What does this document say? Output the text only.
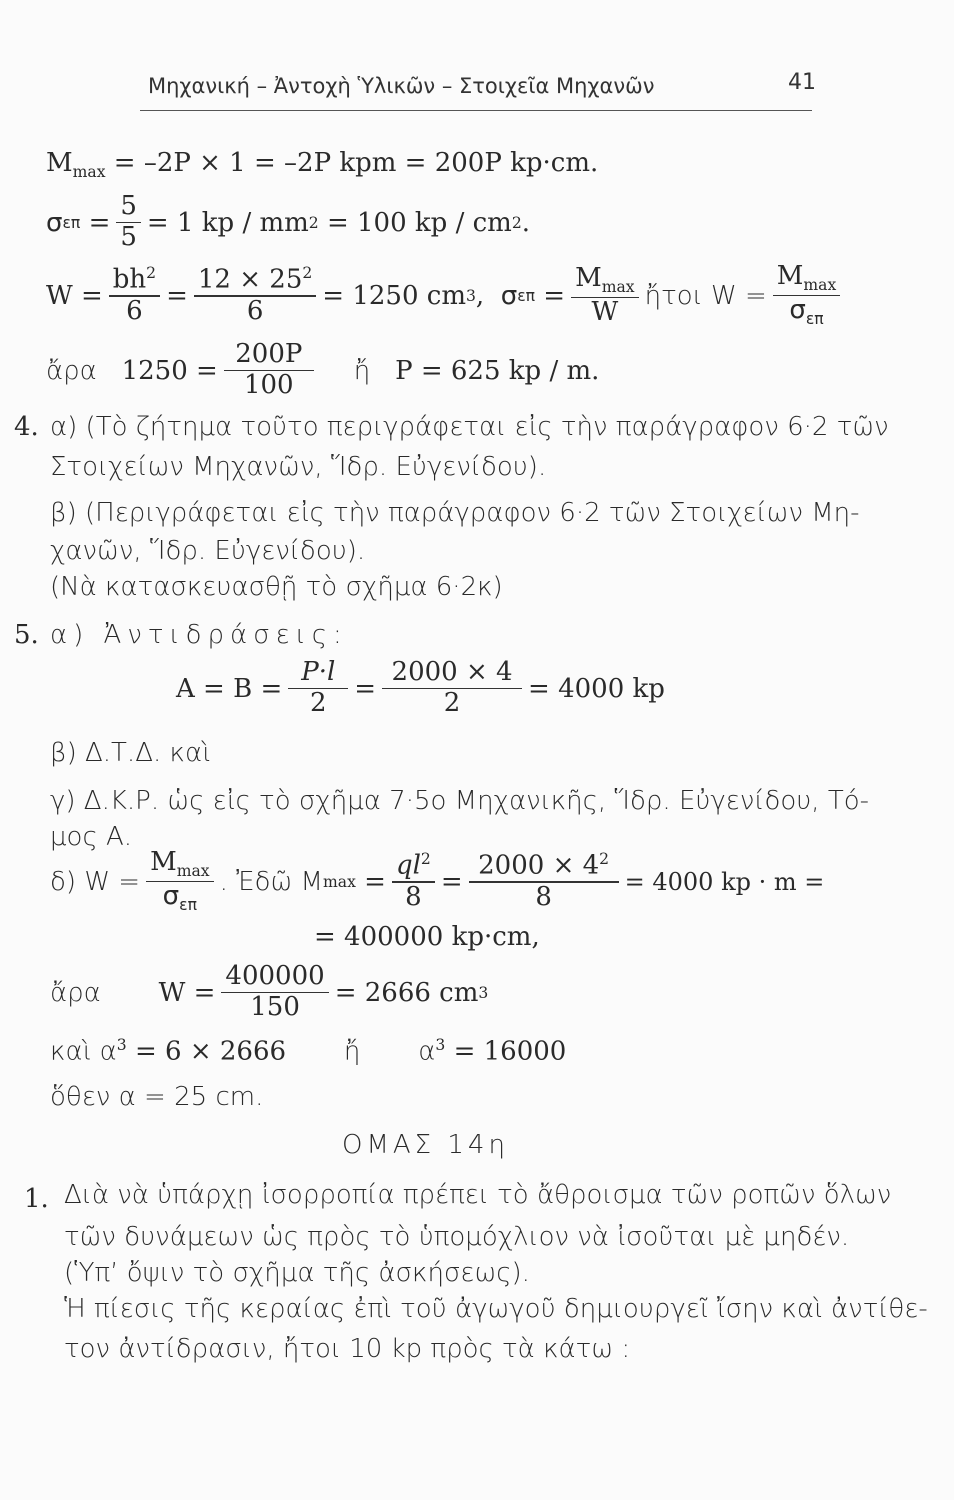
Μηχανική – Ἀντοχὴ Ὑλικῶν – Στοιχεῖα Μηχανῶν	41
$M_{max} = -2P \times 1 = -2P$ kpm = 200P kp·cm.
σ επ =
5
5 = 1 kp / mm 2
= 100 kp / cm 2 .
W =
$bh^2$
6 =
$12 \times 25^2$
6 = 1250 cm 3 , σ επ =
$M_{max}$
W
ἤτοι W =
$M_{max}$
$\sigma_{\varepsilon\pi}$
ἄρα
1250 =
200P
100 ἤ
P = 625 kp / m.
4. α) (Τὸ ζήτημα τοῦτο περιγράφεται εἰς τὴν παράγραφον 6·2 τῶν
Στοιχείων Μηχανῶν, Ἵδρ. Εὐγενίδου).
β) (Περιγράφεται εἰς τὴν παράγραφον 6·2 τῶν Στοιχείων Μη-
χανῶν, Ἵδρ. Εὐγενίδου).
(Νὰ κατασκευασθῇ τὸ σχῆμα 6·2κ)
5. α) Ἀντιδράσεις:
A = B =
P·l
2 =
2000 × 4
2	= 4000 kp
β) Δ.Τ.Δ. καὶ
γ) Δ.Κ.Ρ. ὡς εἰς τὸ σχῆμα 7·5ο Μηχανικῆς, Ἵδρ. Εὐγενίδου, Τό-
μος Α.
δ) W =
$M_{max}$
$\sigma_{\varepsilon\pi}$
. Ἐδῶ M max
=
$ql^2$
8 =
$2000 \times 4^2$
8	= 4000 kp · m =
= 400000 kp·cm,
ἄρα
W =
400000
150 = 2666 cm 3
καὶ $\alpha^3 = 6 \times 2666$ ἤ $\alpha^3 = 16000$
ὅθεν α = 25 cm.
ΟΜΑΣ 14η
1. Διὰ νὰ ὑπάρχῃ ἰσορροπία πρέπει τὸ ἄθροισμα τῶν ροπῶν ὅλων
τῶν δυνάμεων ὡς πρὸς τὸ ὑπομόχλιον νὰ ἰσοῦται μὲ μηδέν.
(Ὑπ’ ὄψιν τὸ σχῆμα τῆς ἀσκήσεως).
Ἡ πίεσις τῆς κεραίας ἐπὶ τοῦ ἀγωγοῦ δημιουργεῖ ἴσην καὶ ἀντίθε-
τον ἀντίδρασιν, ἤτοι 10 kp πρὸς τὰ κάτω :
